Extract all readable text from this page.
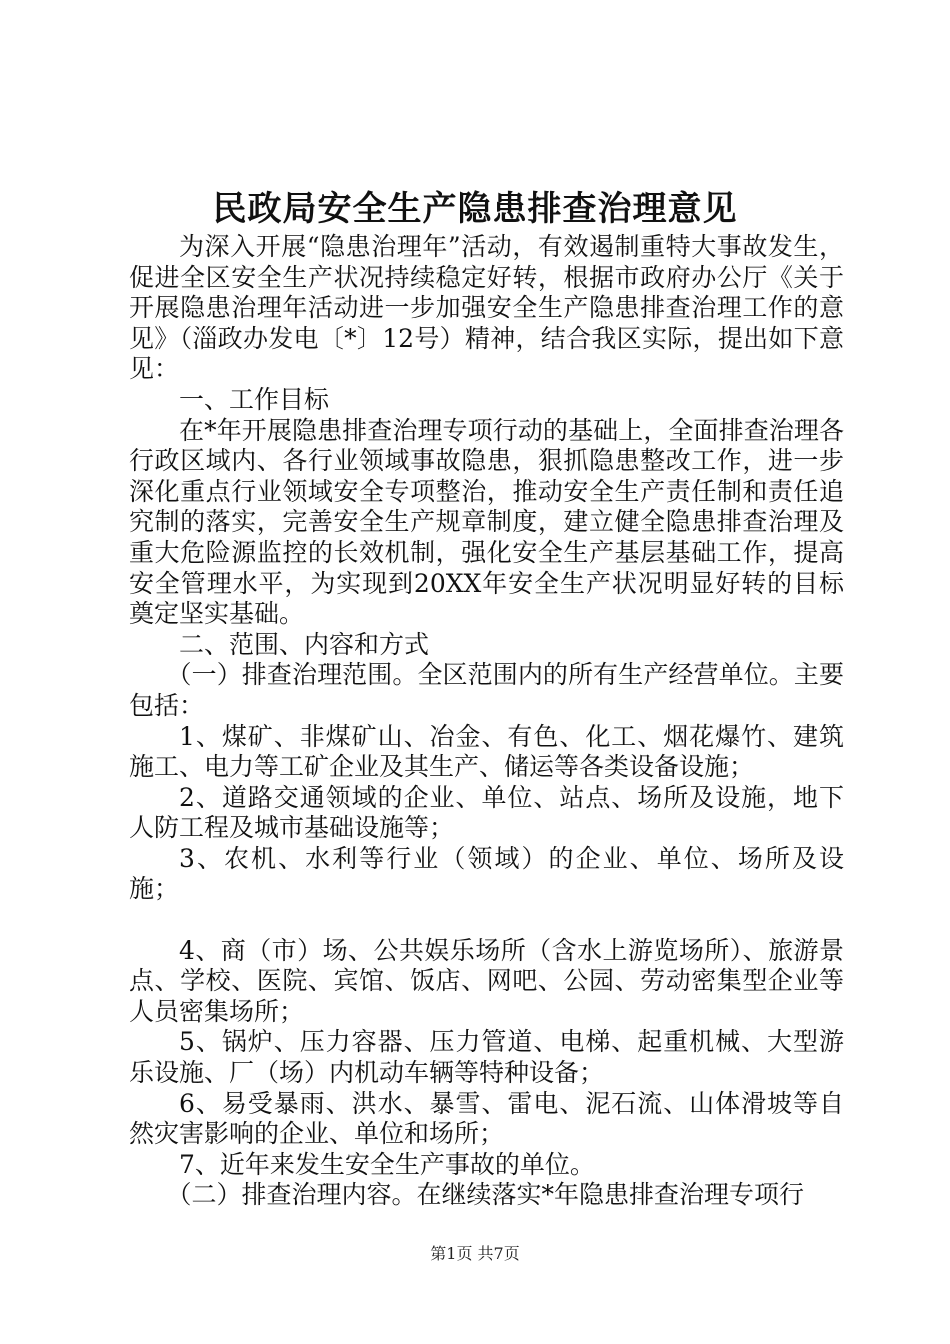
民政局安全生产隐患排查治理意见

为深入开展“隐患治理年”活动，有效遏制重特大事故发生，促进全区安全生产状况持续稳定好转，根据市政府办公厅《关于开展隐患治理年活动进一步加强安全生产隐患排查治理工作的意见》（淄政办发电〔*〕12号）精神，结合我区实际，提出如下意见：

一、工作目标

在*年开展隐患排查治理专项行动的基础上，全面排查治理各行政区域内、各行业领域事故隐患，狠抓隐患整改工作，进一步深化重点行业领域安全专项整治，推动安全生产责任制和责任追究制的落实，完善安全生产规章制度，建立健全隐患排查治理及重大危险源监控的长效机制，强化安全生产基层基础工作，提高安全管理水平，为实现到20XX年安全生产状况明显好转的目标奠定坚实基础。

二、范围、内容和方式

（一）排查治理范围。全区范围内的所有生产经营单位。主要包括：

1、煤矿、非煤矿山、冶金、有色、化工、烟花爆竹、建筑施工、电力等工矿企业及其生产、储运等各类设备设施；

2、道路交通领域的企业、单位、站点、场所及设施，地下人防工程及城市基础设施等；

3、农机、水利等行业（领域）的企业、单位、场所及设施；

4、商（市）场、公共娱乐场所（含水上游览场所）、旅游景点、学校、医院、宾馆、饭店、网吧、公园、劳动密集型企业等人员密集场所；

5、锅炉、压力容器、压力管道、电梯、起重机械、大型游乐设施、厂（场）内机动车辆等特种设备；

6、易受暴雨、洪水、暴雪、雷电、泥石流、山体滑坡等自然灾害影响的企业、单位和场所；

7、近年来发生安全生产事故的单位。

（二）排查治理内容。在继续落实*年隐患排查治理专项行

第1页 共7页
